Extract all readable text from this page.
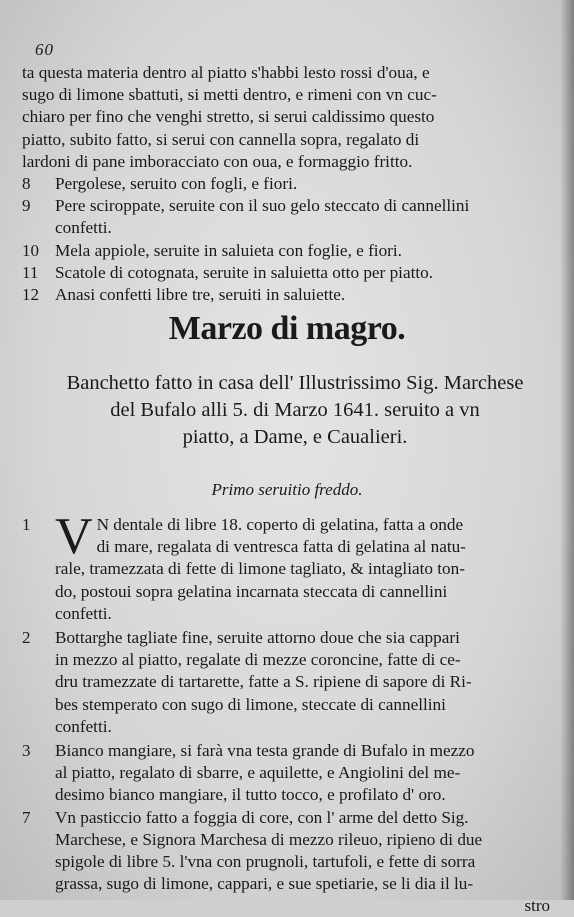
60
ta questa materia dentro al piatto s'habbi lesto rossi d'oua, e
sugo di limone sbattuti, si metti dentro, e rimeni con vn cuc-
chiaro per fino che venghi stretto, si serui caldissimo questo
piatto, subito fatto, si serui con cannella sopra, regalato di
lardoni di pane imboracciato con oua, e formaggio fritto.
8	Pergolese, seruito con fogli, e fiori.
9	Pere sciroppate, seruite con il suo gelo steccato di cannellini
confetti.
10 Mela appiole, seruite in saluieta con foglie, e fiori.
11 Scatole di cotognata, seruite in saluietta otto per piatto.
12 Anasi confetti libre tre, seruiti in saluiette.
Marzo di magro.
Banchetto fatto in casa dell' Illustrissimo Sig. Marchese
del Bufalo alli 5. di Marzo 1641. seruito a vn
piatto, a Dame, e Caualieri.
Primo seruitio freddo.
1 V N dentale di libre 18. coperto di gelatina, fatta a onde
di mare, regalata di ventresca fatta di gelatina al natu-
rale, tramezzata di fette di limone tagliato, & intagliato ton-
do, postoui sopra gelatina incarnata steccata di cannellini
confetti.
2	Bottarghe tagliate fine, seruite attorno doue che sia cappari
in mezzo al piatto, regalate di mezze coroncine, fatte di ce-
dru tramezzate di tartarette, fatte a S. ripiene di sapore di Ri-
bes stemperato con sugo di limone, steccate di cannellini
confetti.
3	Bianco mangiare, si farà vna testa grande di Bufalo in mezzo
al piatto, regalato di sbarre, e aquilette, e Angiolini del me-
desimo bianco mangiare, il tutto tocco, e profilato d' oro.
7	Vn pasticcio fatto a foggia di core, con l' arme del detto Sig.
Marchese, e Signora Marchesa di mezzo rileuo, ripieno di due
spigole di libre 5. l'vna con prugnoli, tartufoli, e fette di sorra
grassa, sugo di limone, cappari, e sue spetiarie, se li dia il lu-
stro
